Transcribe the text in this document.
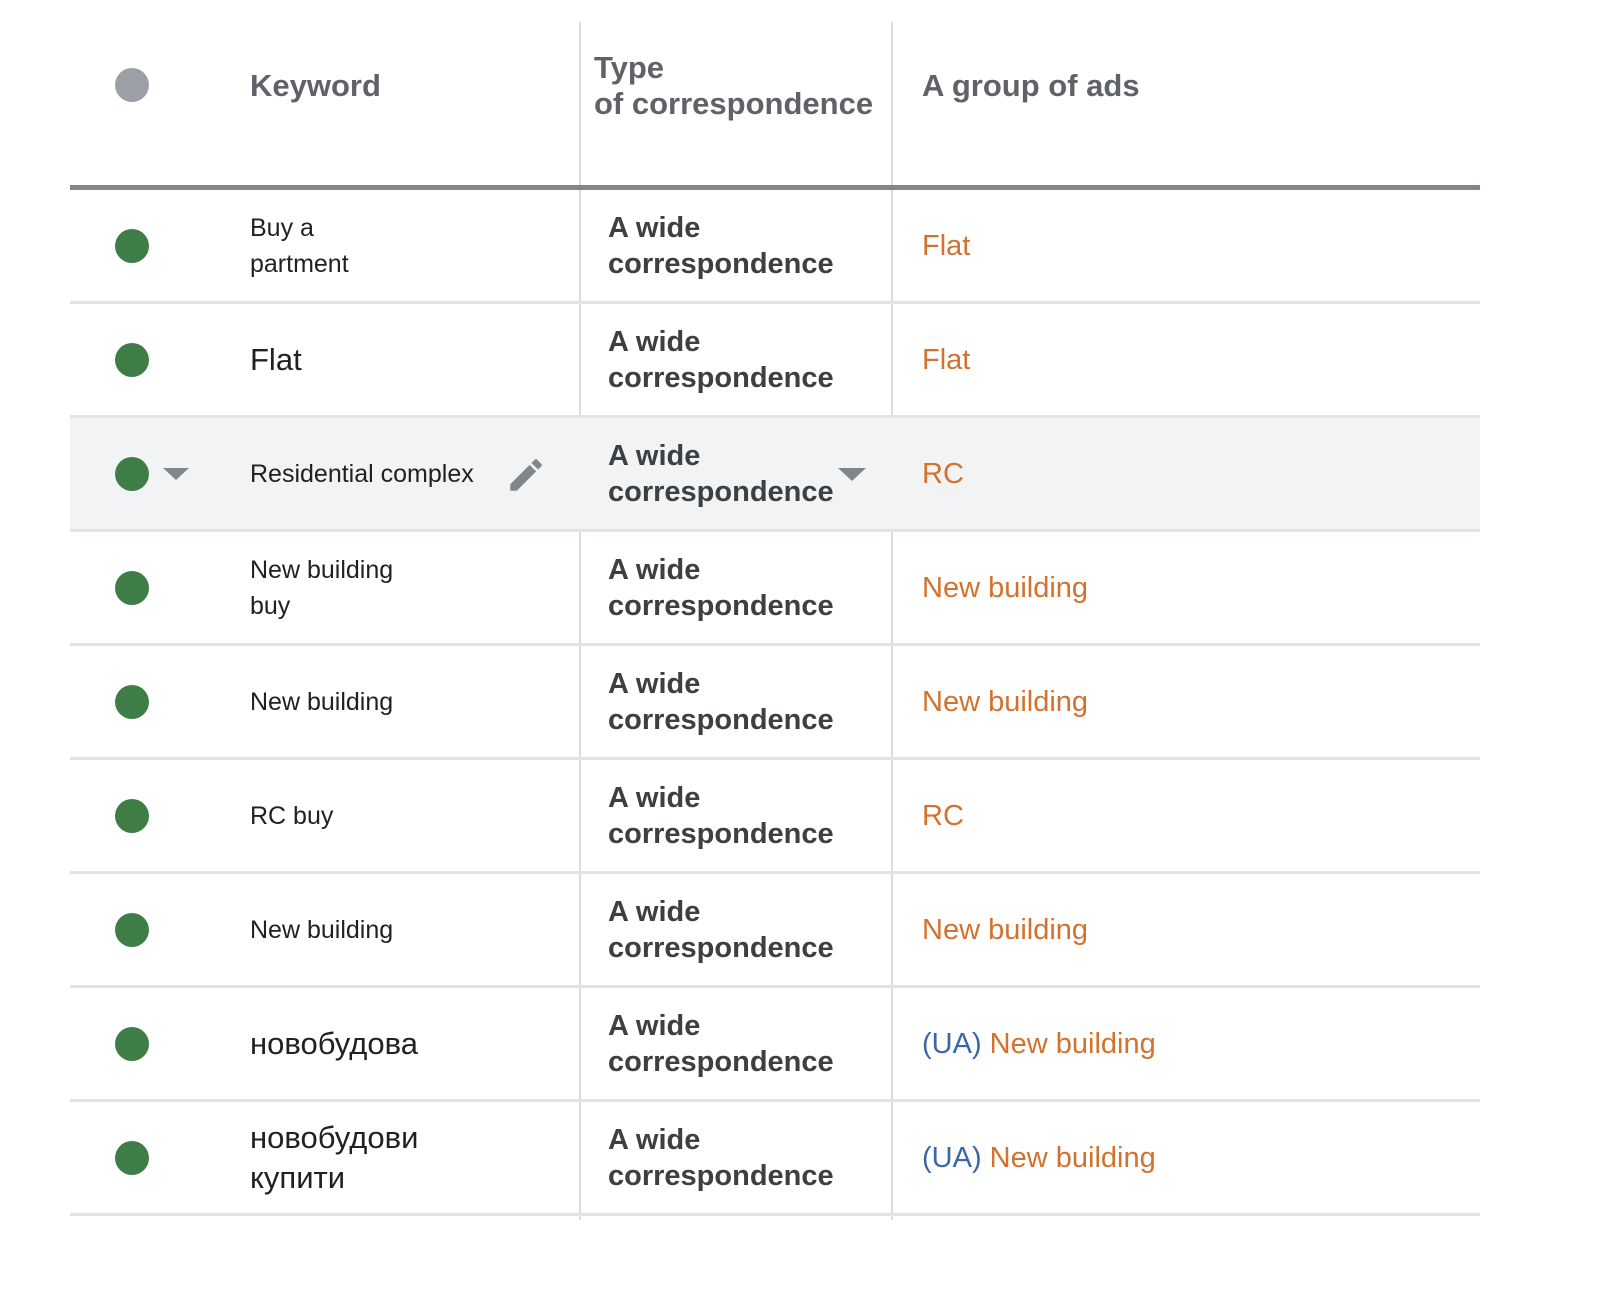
Keyword
Type
of correspondence
A group of ads
Buy a
partment
A wide
correspondence
Flat
Flat	A wide
correspondence
Flat
Residential complex
A wide
correspondence
RC
New building
buy
A wide
correspondence
New building
New building
A wide
correspondence
New building
RC buy
A wide
correspondence
RC
New building
A wide
correspondence
New building
новобудова	A wide
correspondence
(UA)
New building
новобудови
купити
A wide
correspondence
(UA)
New building
